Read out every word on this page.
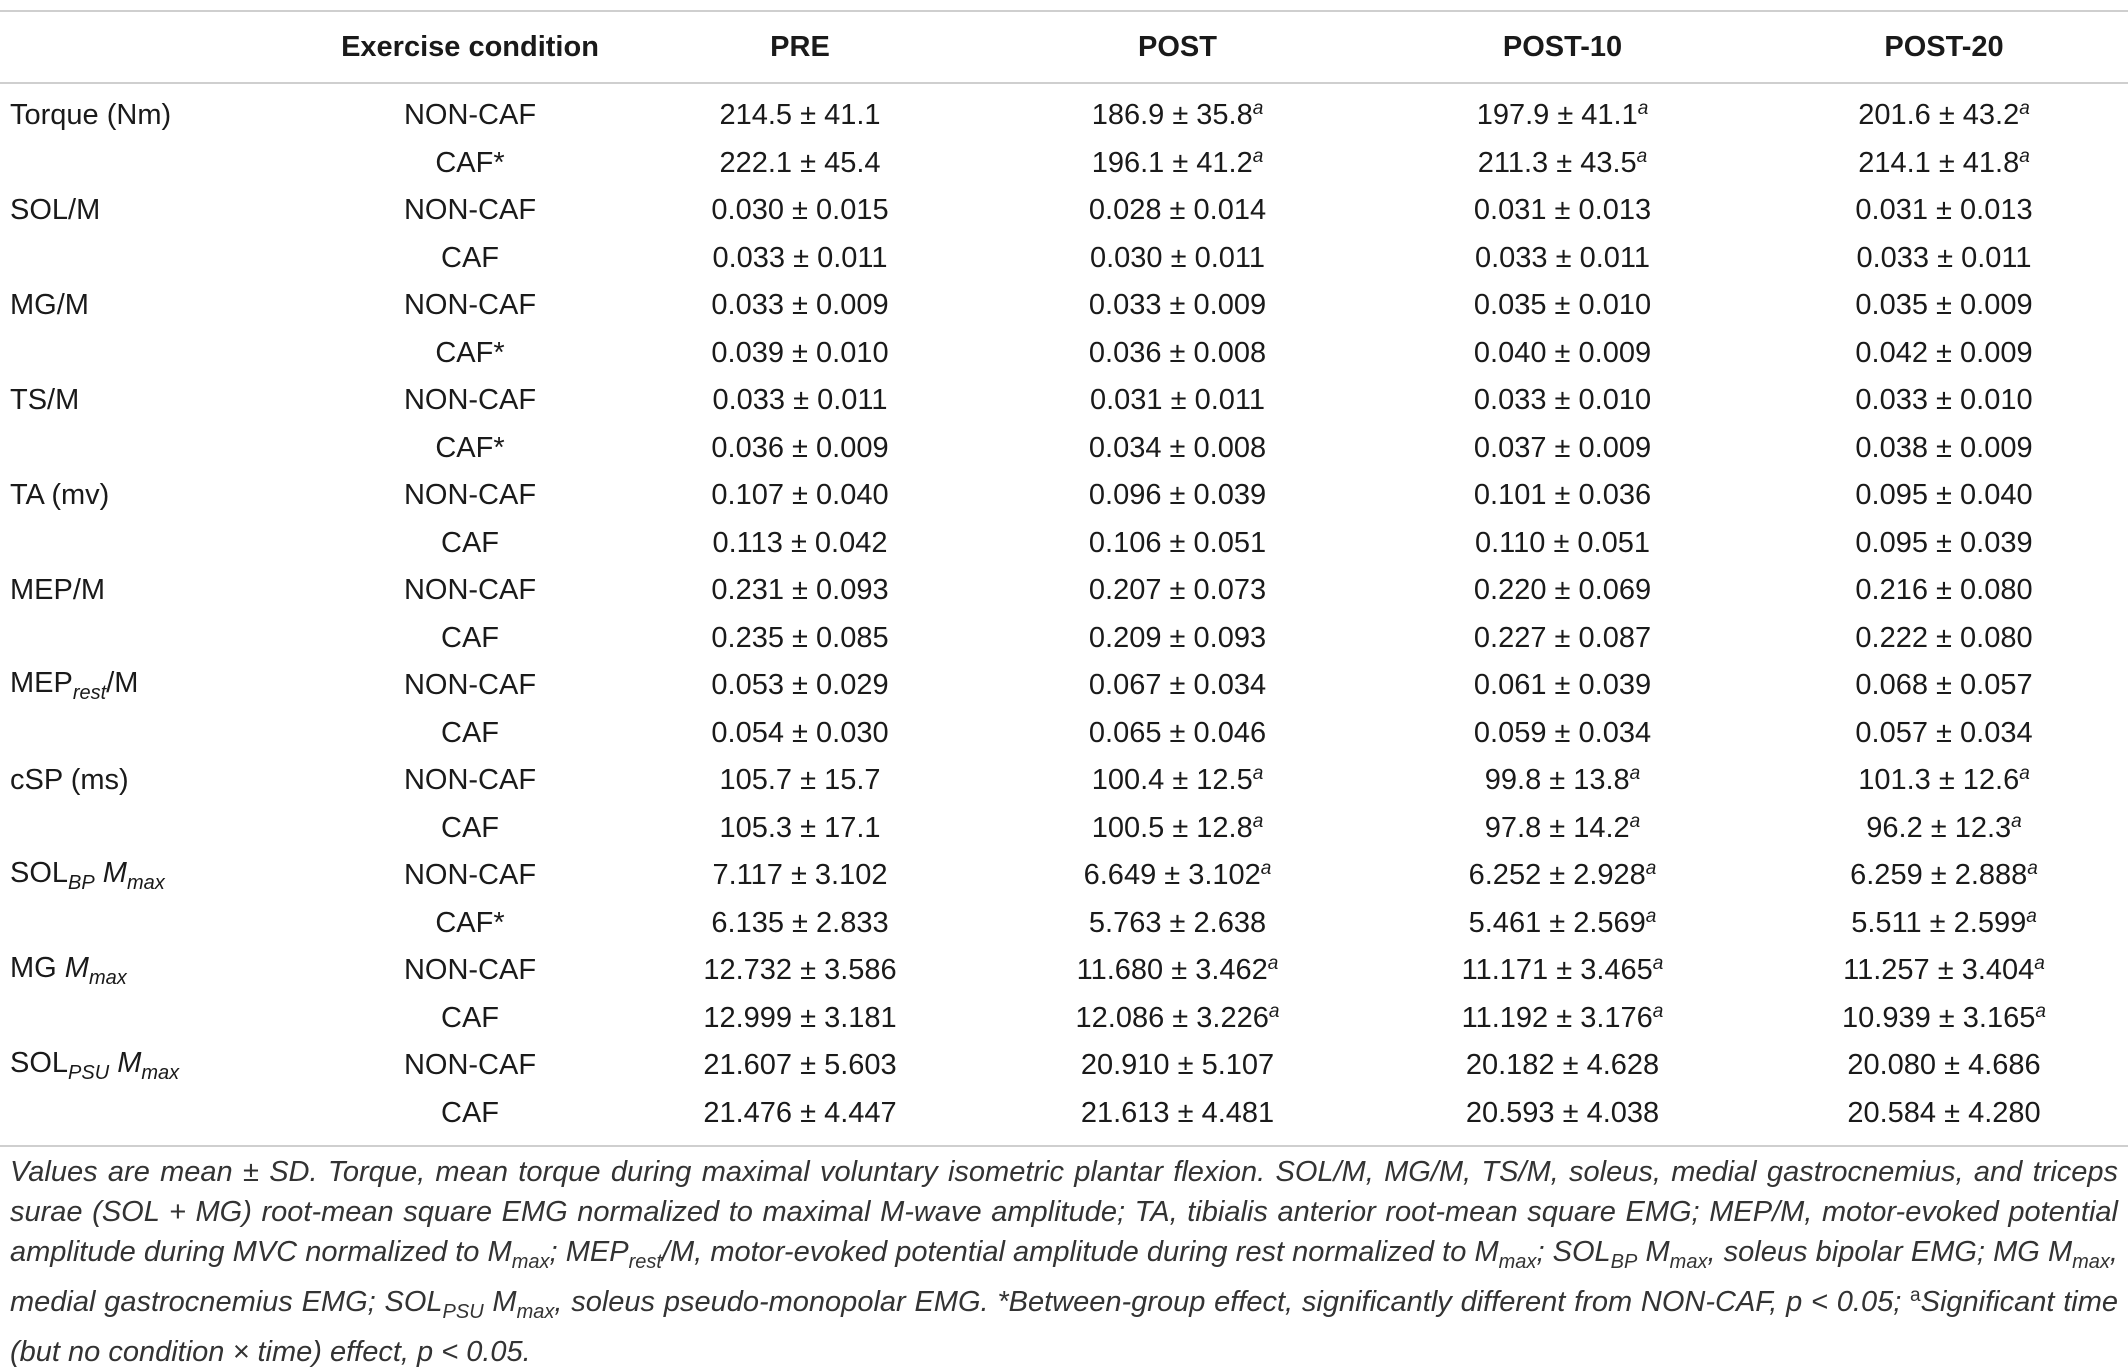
	Exercise condition	PRE	POST	POST-10	POST-20
Torque (Nm)	NON-CAF	214.5 ± 41.1	186.9 ± 35.8$^a$	197.9 ± 41.1$^a$	201.6 ± 43.2$^a$
	CAF*	222.1 ± 45.4	196.1 ± 41.2$^a$	211.3 ± 43.5$^a$	214.1 ± 41.8$^a$
SOL/M	NON-CAF	0.030 ± 0.015	0.028 ± 0.014	0.031 ± 0.013	0.031 ± 0.013
	CAF	0.033 ± 0.011	0.030 ± 0.011	0.033 ± 0.011	0.033 ± 0.011
MG/M	NON-CAF	0.033 ± 0.009	0.033 ± 0.009	0.035 ± 0.010	0.035 ± 0.009
	CAF*	0.039 ± 0.010	0.036 ± 0.008	0.040 ± 0.009	0.042 ± 0.009
TS/M	NON-CAF	0.033 ± 0.011	0.031 ± 0.011	0.033 ± 0.010	0.033 ± 0.010
	CAF*	0.036 ± 0.009	0.034 ± 0.008	0.037 ± 0.009	0.038 ± 0.009
TA (mv)	NON-CAF	0.107 ± 0.040	0.096 ± 0.039	0.101 ± 0.036	0.095 ± 0.040
	CAF	0.113 ± 0.042	0.106 ± 0.051	0.110 ± 0.051	0.095 ± 0.039
MEP/M	NON-CAF	0.231 ± 0.093	0.207 ± 0.073	0.220 ± 0.069	0.216 ± 0.080
	CAF	0.235 ± 0.085	0.209 ± 0.093	0.227 ± 0.087	0.222 ± 0.080
$MEP_{rest}/M$	NON-CAF	0.053 ± 0.029	0.067 ± 0.034	0.061 ± 0.039	0.068 ± 0.057
	CAF	0.054 ± 0.030	0.065 ± 0.046	0.059 ± 0.034	0.057 ± 0.034
cSP (ms)	NON-CAF	105.7 ± 15.7	100.4 ± 12.5$^a$	99.8 ± 13.8$^a$	101.3 ± 12.6$^a$
	CAF	105.3 ± 17.1	100.5 ± 12.8$^a$	97.8 ± 14.2$^a$	96.2 ± 12.3$^a$
$SOL_{BP}$ $M_{max}$	NON-CAF	7.117 ± 3.102	6.649 ± 3.102$^a$	6.252 ± 2.928$^a$	6.259 ± 2.888$^a$
	CAF*	6.135 ± 2.833	5.763 ± 2.638	5.461 ± 2.569$^a$	5.511 ± 2.599$^a$
MG $M_{max}$	NON-CAF	12.732 ± 3.586	11.680 ± 3.462$^a$	11.171 ± 3.465$^a$	11.257 ± 3.404$^a$
	CAF	12.999 ± 3.181	12.086 ± 3.226$^a$	11.192 ± 3.176$^a$	10.939 ± 3.165$^a$
$SOL_{PSU}$ $M_{max}$	NON-CAF	21.607 ± 5.603	20.910 ± 5.107	20.182 ± 4.628	20.080 ± 4.686
	CAF	21.476 ± 4.447	21.613 ± 4.481	20.593 ± 4.038	20.584 ± 4.280
Values are mean ± SD. Torque, mean torque during maximal voluntary isometric plantar flexion. SOL/M, MG/M, TS/M, soleus, medial gastrocnemius, and triceps surae (SOL + MG) root-mean square EMG normalized to maximal M-wave amplitude; TA, tibialis anterior root-mean square EMG; MEP/M, motor-evoked potential amplitude during MVC normalized to $M_{max}$; $MEP_{rest}/M$, motor-evoked potential amplitude during rest normalized to $M_{max}$; $SOL_{BP}$ $M_{max}$, soleus bipolar EMG; MG $M_{max}$, medial gastrocnemius EMG; $SOL_{PSU}$ $M_{max}$, soleus pseudo-monopolar EMG. *Between-group effect, significantly different from NON-CAF, p < 0.05; $^a$Significant time (but no condition × time) effect, p < 0.05.
